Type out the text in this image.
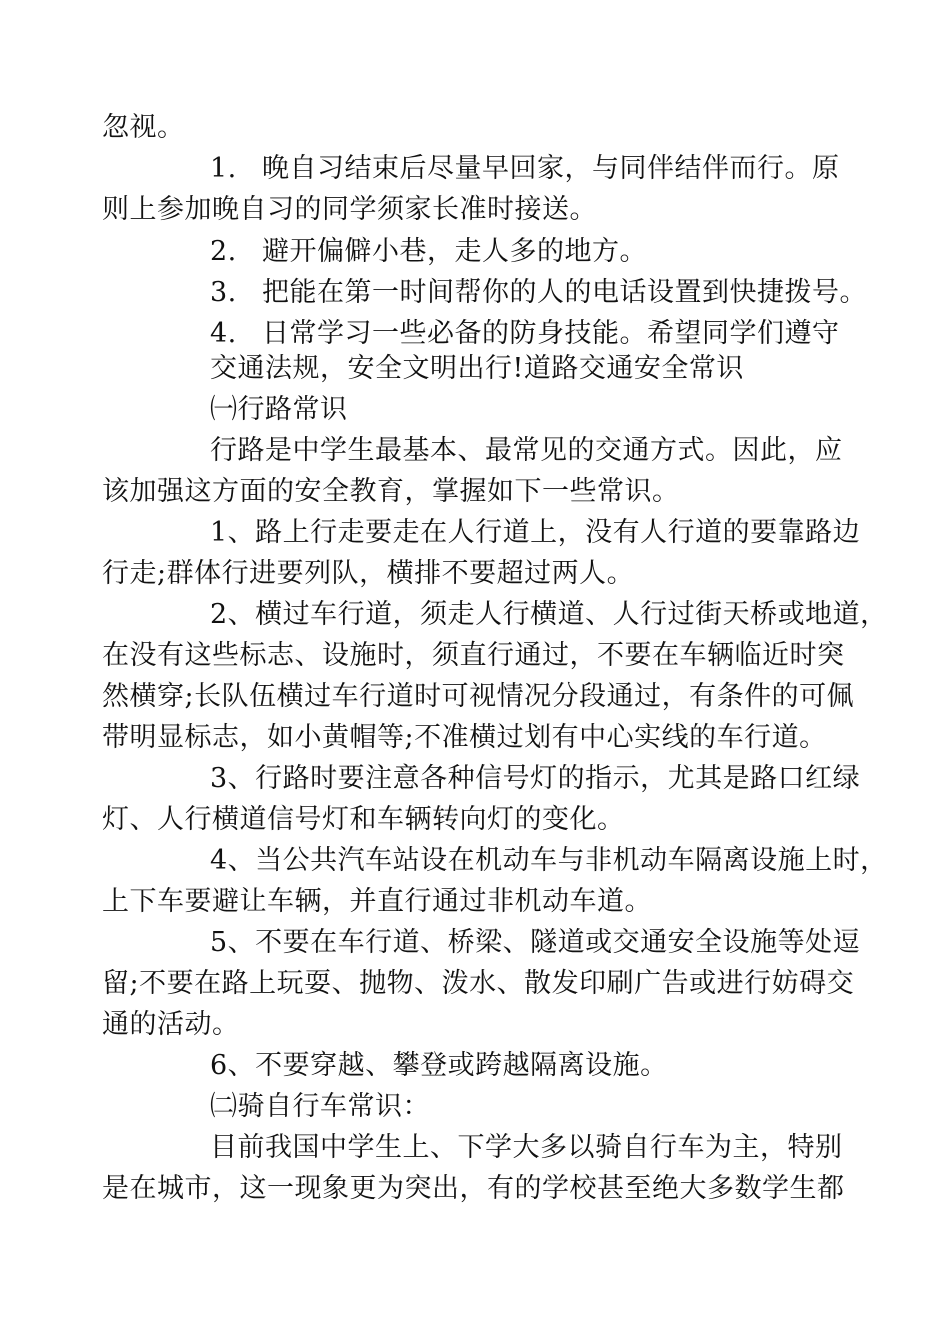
忽视。
1. 晚自习结束后尽量早回家，与同伴结伴而行。原
则上参加晚自习的同学须家长准时接送。
2. 避开偏僻小巷，走人多的地方。
3. 把能在第一时间帮你的人的电话设置到快捷拨号。
4. 日常学习一些必备的防身技能。希望同学们遵守
交通法规，安全文明出行!道路交通安全常识
㈠行路常识
行路是中学生最基本、最常见的交通方式。因此，应
该加强这方面的安全教育，掌握如下一些常识。
1、路上行走要走在人行道上，没有人行道的要靠路边
行走;群体行进要列队，横排不要超过两人。
2、横过车行道，须走人行横道、人行过街天桥或地道，
在没有这些标志、设施时，须直行通过，不要在车辆临近时突
然横穿;长队伍横过车行道时可视情况分段通过，有条件的可佩
带明显标志，如小黄帽等;不准横过划有中心实线的车行道。
3、行路时要注意各种信号灯的指示，尤其是路口红绿
灯、人行横道信号灯和车辆转向灯的变化。
4、当公共汽车站设在机动车与非机动车隔离设施上时，
上下车要避让车辆，并直行通过非机动车道。
5、不要在车行道、桥梁、隧道或交通安全设施等处逗
留;不要在路上玩耍、抛物、泼水、散发印刷广告或进行妨碍交
通的活动。
6、不要穿越、攀登或跨越隔离设施。
㈡骑自行车常识：
目前我国中学生上、下学大多以骑自行车为主，特别
是在城市，这一现象更为突出，有的学校甚至绝大多数学生都
